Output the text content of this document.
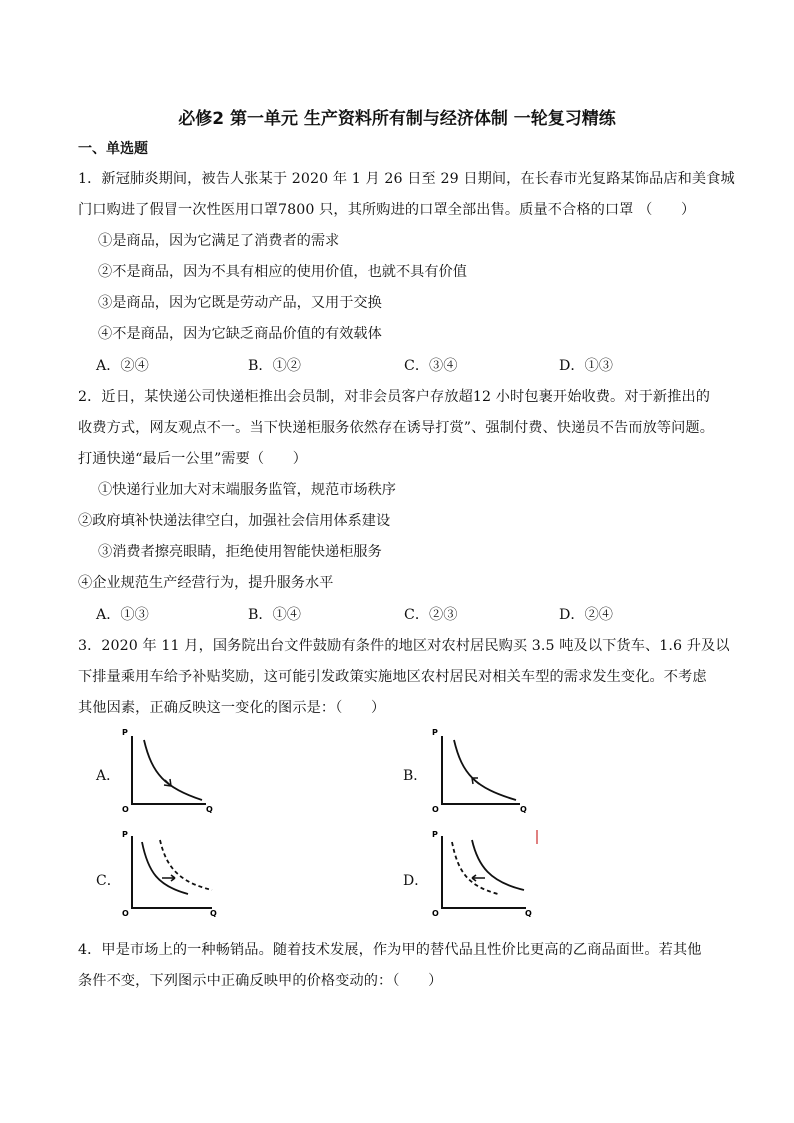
必修2 第一单元 生产资料所有制与经济体制 一轮复习精练
一、单选题
1．新冠肺炎期间，被告人张某于 2020 年 1 月 26 日至 29 日期间，在长春市光复路某饰品店和美食城
门口购进了假冒一次性医用口罩7800 只，其所购进的口罩全部出售。质量不合格的口罩 （　　）
①是商品，因为它满足了消费者的需求
②不是商品，因为不具有相应的使用价值，也就不具有价值
③是商品，因为它既是劳动产品，又用于交换
④不是商品，因为它缺乏商品价值的有效载体
A．②④	B．①②	C．③④	D．①③
2．近日，某快递公司快递柜推出会员制，对非会员客户存放超12 小时包裹开始收费。对于新推出的
收费方式，网友观点不一。当下快递柜服务依然存在诱导打赏”、强制付费、快递员不告而放等问题。
打通快递“最后一公里”需要（　　）
①快递行业加大对末端服务监管，规范市场秩序
②政府填补快递法律空白，加强社会信用体系建设
③消费者擦亮眼睛，拒绝使用智能快递柜服务
④企业规范生产经营行为，提升服务水平
A．①③	B．①④	C．②③	D．②④
3．2020 年 11 月，国务院出台文件鼓励有条件的地区对农村居民购买 3.5 吨及以下货车、1.6 升及以
下排量乘用车给予补贴奖励，这可能引发政策实施地区农村居民对相关车型的需求发生变化。不考虑
其他因素，正确反映这一变化的图示是：（　　）
A．
P
O	Q
B．
P
O	Q
C．
P
O	Q
D．
P
O	Q
4．甲是市场上的一种畅销品。随着技术发展，作为甲的替代品且性价比更高的乙商品面世。若其他
条件不变，下列图示中正确反映甲的价格变动的：（　　）
